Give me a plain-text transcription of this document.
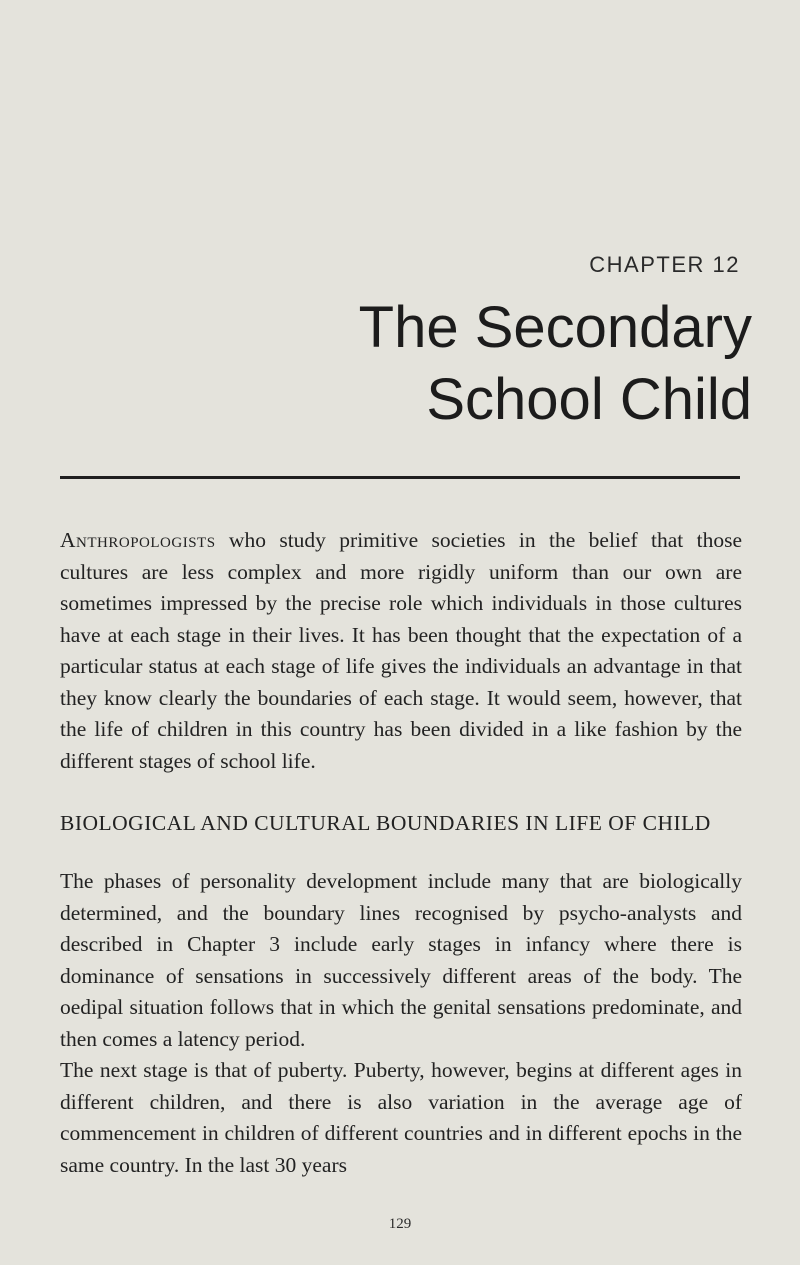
CHAPTER 12
The Secondary
School Child

Anthropologists who study primitive societies in the belief that those cultures are less complex and more rigidly uniform than our own are sometimes impressed by the precise role which individuals in those cultures have at each stage in their lives. It has been thought that the expectation of a particular status at each stage of life gives the individuals an advantage in that they know clearly the boundaries of each stage. It would seem, however, that the life of children in this country has been divided in a like fashion by the different stages of school life.

BIOLOGICAL AND CULTURAL BOUNDARIES IN LIFE OF CHILD

The phases of personality development include many that are biologically determined, and the boundary lines recognised by psycho-analysts and described in Chapter 3 include early stages in infancy where there is dominance of sensations in successively different areas of the body. The oedipal situation follows that in which the genital sensations predominate, and then comes a latency period.

The next stage is that of puberty. Puberty, however, begins at different ages in different children, and there is also variation in the average age of commencement in children of different countries and in different epochs in the same country. In the last 30 years

129
